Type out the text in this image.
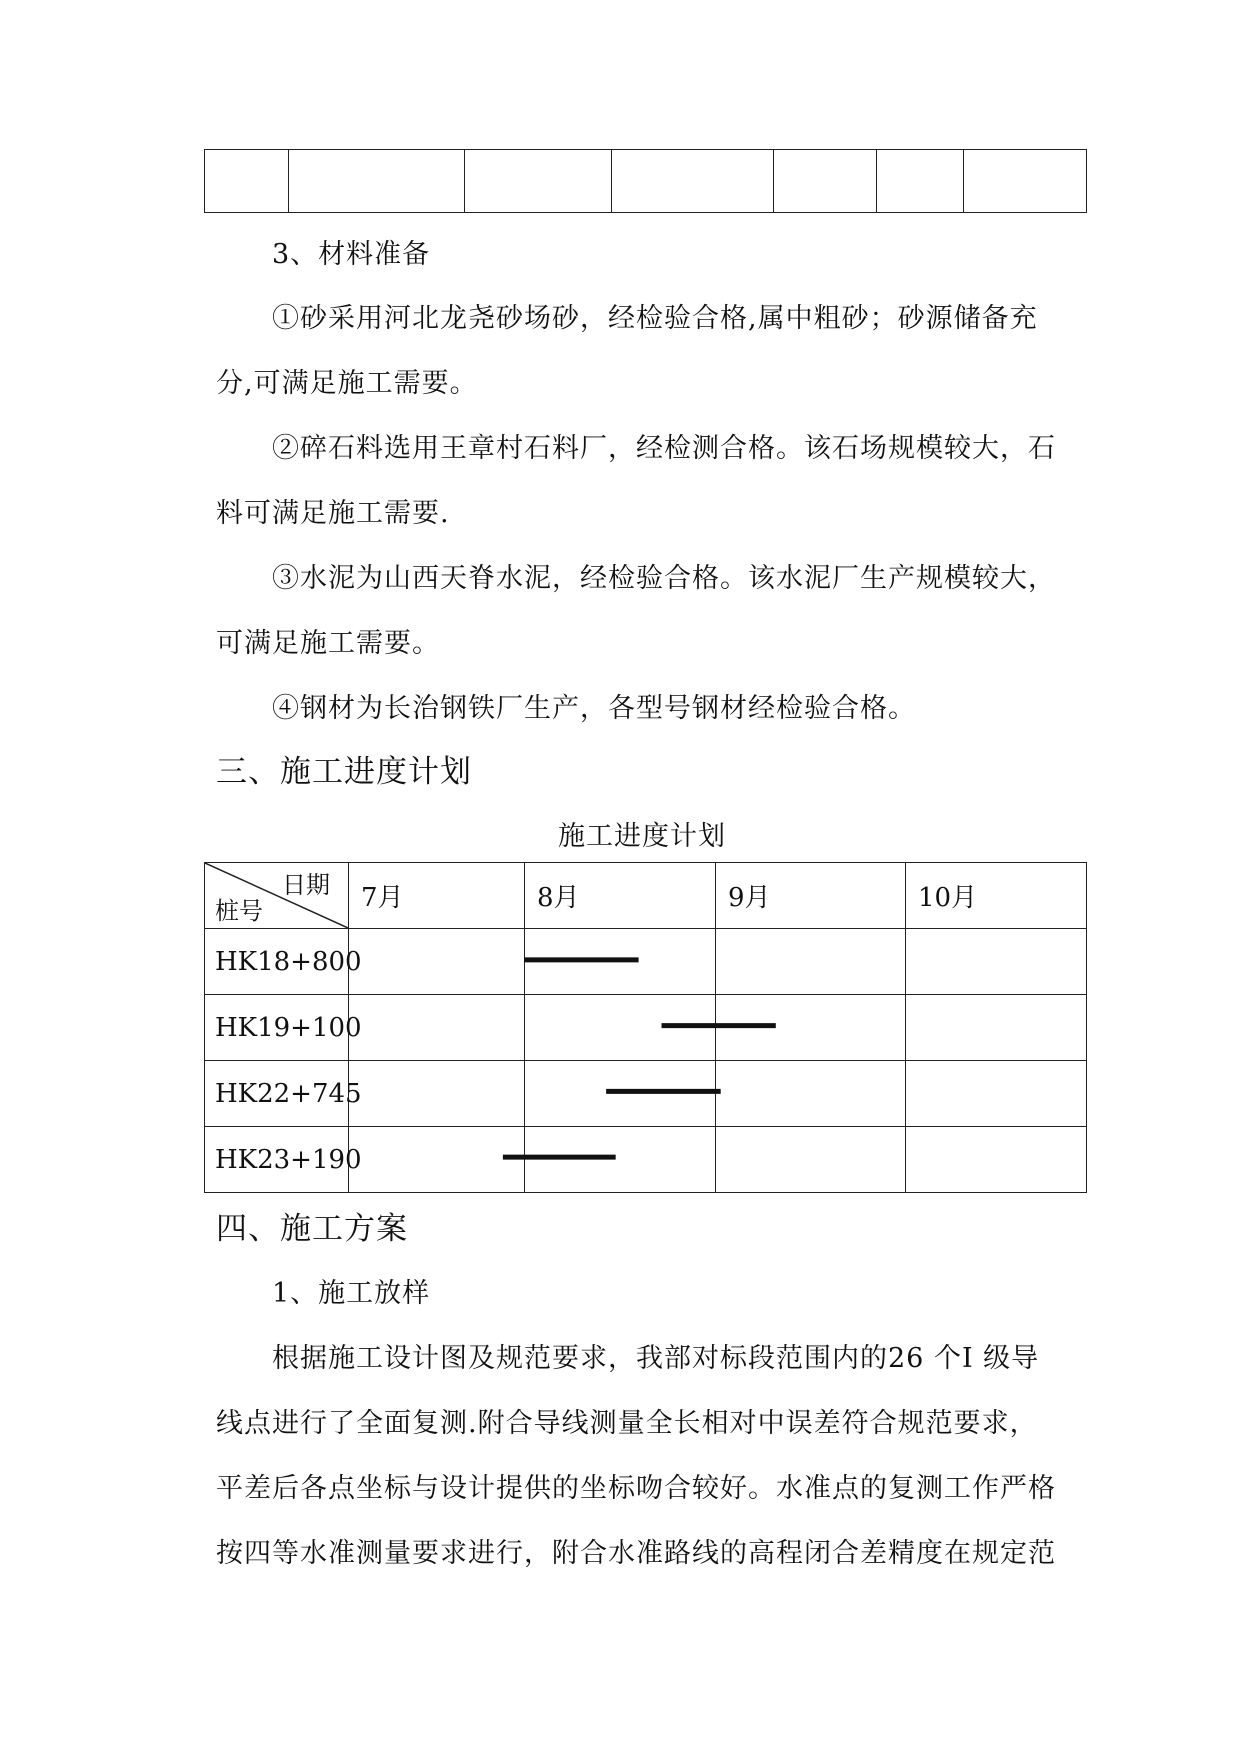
3、材料准备
①砂采用河北龙尧砂场砂，经检验合格,属中粗砂；砂源储备充
分,可满足施工需要。
②碎石料选用王章村石料厂，经检测合格。该石场规模较大，石
料可满足施工需要.
③水泥为山西天脊水泥，经检验合格。该水泥厂生产规模较大，
可满足施工需要。
④钢材为长治钢铁厂生产，各型号钢材经检验合格。
三、施工进度计划
施工进度计划
日期
桩号	7月	8月	9月	10月
HK18+800				
HK19+100				
HK22+745				
HK23+190				
四、施工方案
1、施工放样
根据施工设计图及规范要求，我部对标段范围内的26 个I 级导
线点进行了全面复测.附合导线测量全长相对中误差符合规范要求，
平差后各点坐标与设计提供的坐标吻合较好。水准点的复测工作严格
按四等水准测量要求进行，附合水准路线的高程闭合差精度在规定范
